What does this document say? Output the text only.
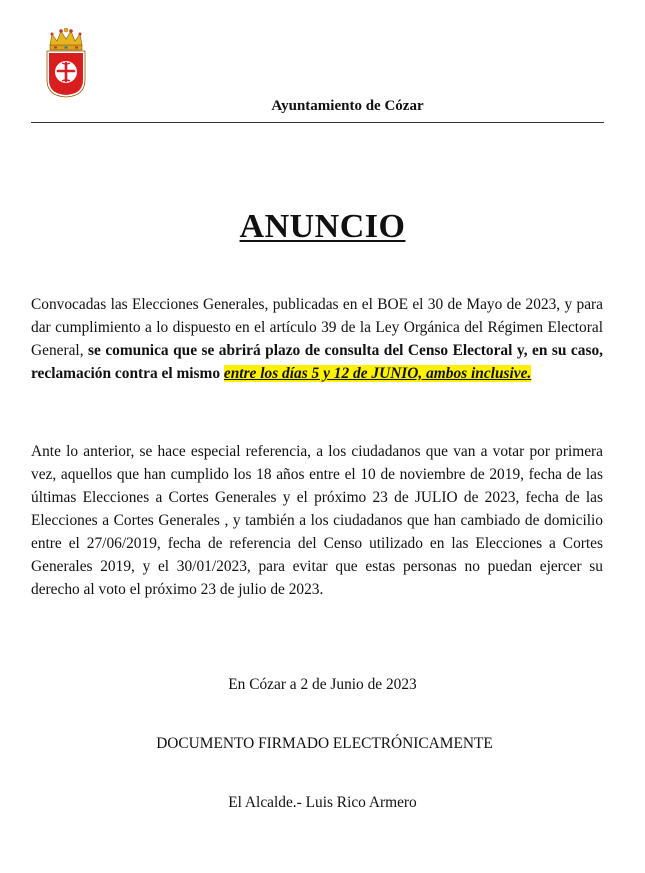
Ayuntamiento de Cózar
ANUNCIO
Convocadas las Elecciones Generales, publicadas en el BOE el 30 de Mayo de 2023, y para dar cumplimiento a lo dispuesto en el artículo 39 de la Ley Orgánica del Régimen Electoral General, se comunica que se abrirá plazo de consulta del Censo Electoral y, en su caso, reclamación contra el mismo entre los días 5 y 12 de JUNIO, ambos inclusive.
Ante lo anterior, se hace especial referencia, a los ciudadanos que van a votar por primera vez, aquellos que han cumplido los 18 años entre el 10 de noviembre de 2019, fecha de las últimas Elecciones a Cortes Generales y el próximo 23 de JULIO de 2023, fecha de las Elecciones a Cortes Generales , y también a los ciudadanos que han cambiado de domicilio entre el 27/06/2019, fecha de referencia del Censo utilizado en las Elecciones a Cortes Generales 2019, y el 30/01/2023, para evitar que estas personas no puedan ejercer su derecho al voto el próximo 23 de julio de 2023.
En Cózar a 2 de Junio de 2023
DOCUMENTO FIRMADO ELECTRÓNICAMENTE
El Alcalde.- Luis Rico Armero
